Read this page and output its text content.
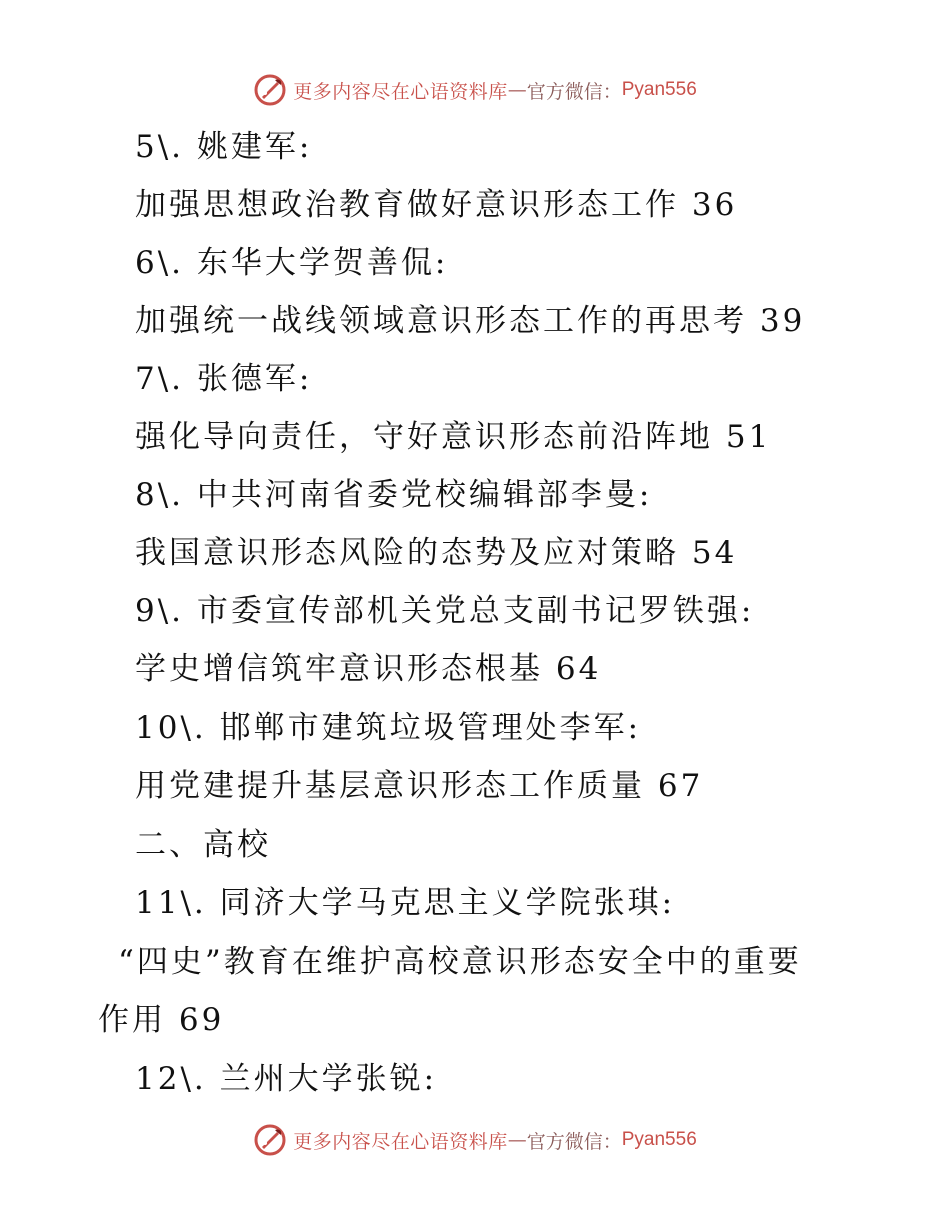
更多内容尽在心语资料库 — 官方微信： Pyan556
5\. 姚建军:
加强思想政治教育做好意识形态工作 36
6\. 东华大学贺善侃:
加强统一战线领域意识形态工作的再思考 39
7\. 张德军:
强化导向责任，守好意识形态前沿阵地 51
8\. 中共河南省委党校编辑部李曼:
我国意识形态风险的态势及应对策略 54
9\. 市委宣传部机关党总支副书记罗铁强:
学史增信筑牢意识形态根基 64
10\. 邯郸市建筑垃圾管理处李军:
用党建提升基层意识形态工作质量 67
二、高校
11\. 同济大学马克思主义学院张琪:
“四史”教育在维护高校意识形态安全中的重要
作用 69
12\. 兰州大学张锐:
更多内容尽在心语资料库 — 官方微信： Pyan556
